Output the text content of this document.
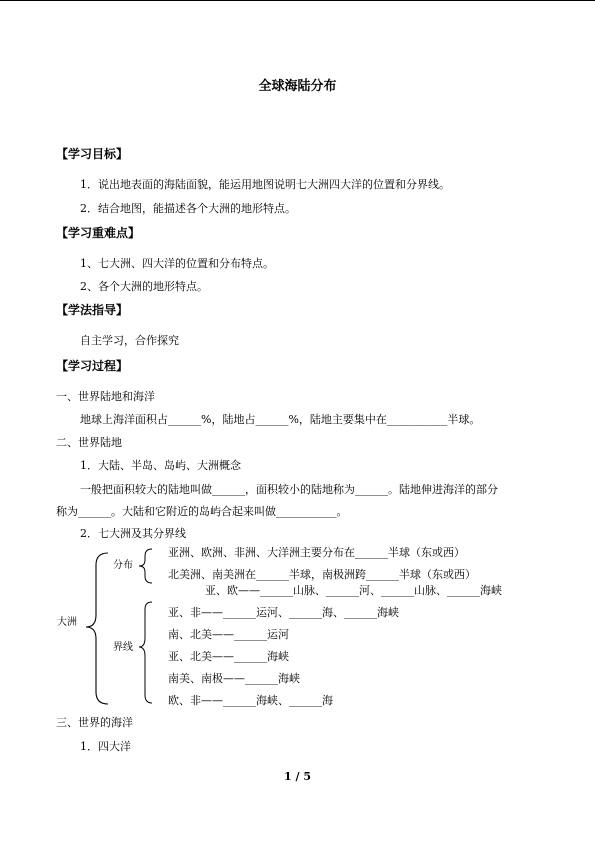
全球海陆分布
【学习目标】
1．说出地表面的海陆面貌，能运用地图说明七大洲四大洋的位置和分界线。
2．结合地图，能描述各个大洲的地形特点。
【学习重难点】
1、七大洲、四大洋的位置和分布特点。
2、各个大洲的地形特点。
【学法指导】
自主学习，合作探究
【学习过程】
一、世界陆地和海洋
地球上海洋面积占______%，陆地占______%，陆地主要集中在___________半球。
二、世界陆地
1．大陆、半岛、岛屿、大洲概念
一般把面积较大的陆地叫做______，面积较小的陆地称为______。陆地伸进海洋的部分
称为______。大陆和它附近的岛屿合起来叫做___________。
2．七大洲及其分界线
大洲
分布
亚洲、欧洲、非洲、大洋洲主要分布在______半球（东或西）
北美洲、南美洲在______半球，南极洲跨______半球（东或西）
界线
亚、欧——______山脉、______河、______山脉、______海峡
亚、非——______运河、______海、______海峡
南、北美——______运河
亚、北美——______海峡
南美、南极——______海峡
欧、非——______海峡、______海
三、世界的海洋
1．四大洋
1 / 5
